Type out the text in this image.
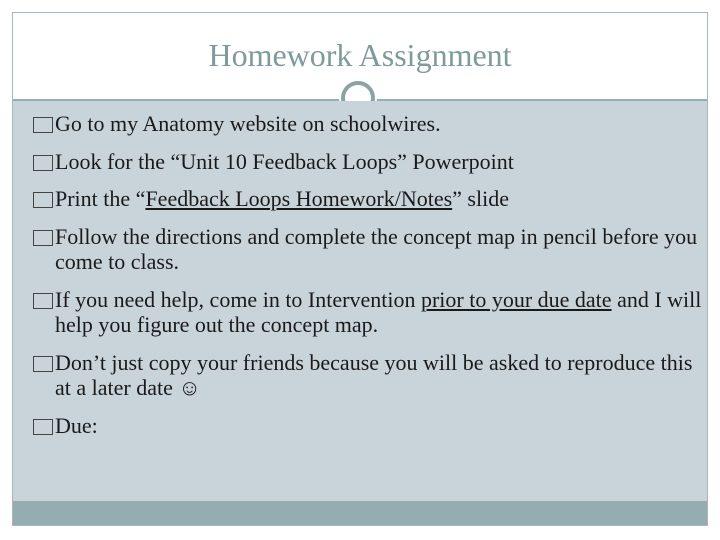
Homework Assignment
Go to my Anatomy website on schoolwires.
Look for the “Unit 10 Feedback Loops” Powerpoint
Print the “Feedback Loops Homework/Notes” slide
Follow the directions and complete the concept map in pencil before you come to class.
If you need help, come in to Intervention prior to your due date and I will help you figure out the concept map.
Don’t just copy your friends because you will be asked to reproduce this at a later date ☺
Due:
